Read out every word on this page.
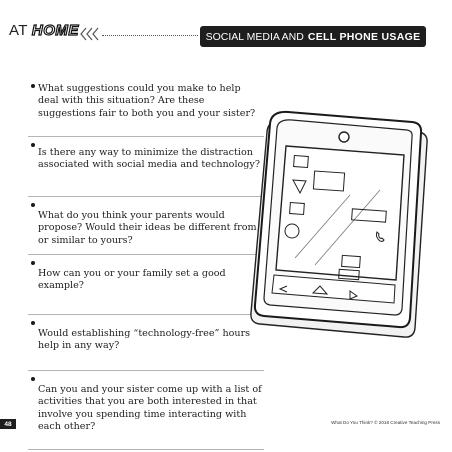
AT HOME	SOCIAL MEDIA AND CELL PHONE USAGE
What suggestions could you make to help deal with this situation? Are these suggestions fair to both you and your sister?
Is there any way to minimize the distraction associated with social media and technology?
What do you think your parents would propose? Would their ideas be different from or similar to yours?
How can you or your family set a good example?
Would establishing “technology-free” hours help in any way?
Can you and your sister come up with a list of activities that you are both interested in that involve you spending time interacting with each other?
48	What Do You Think? © 2018 Creative Teaching Press
